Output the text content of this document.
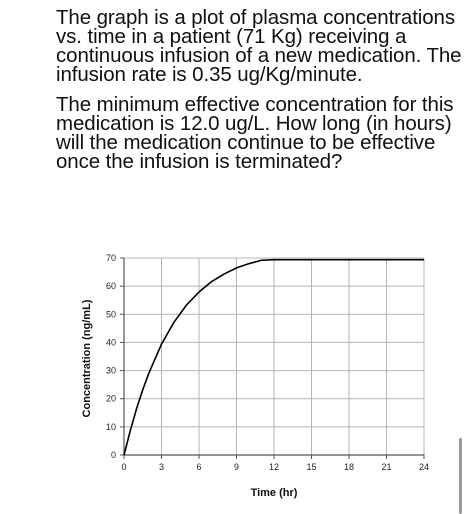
The graph is a plot of plasma concentrations vs. time in a patient (71 Kg) receiving a continuous infusion of a new medication. The infusion rate is 0.35 ug/Kg/minute.

The minimum effective concentration for this medication is 12.0 ug/L. How long (in hours) will the medication continue to be effective once the infusion is terminated?

0	3	6	9	12	15	18	21	24
0
10
20
30
40
50
60
70
Time (hr)
Concentration (ng/mL)
